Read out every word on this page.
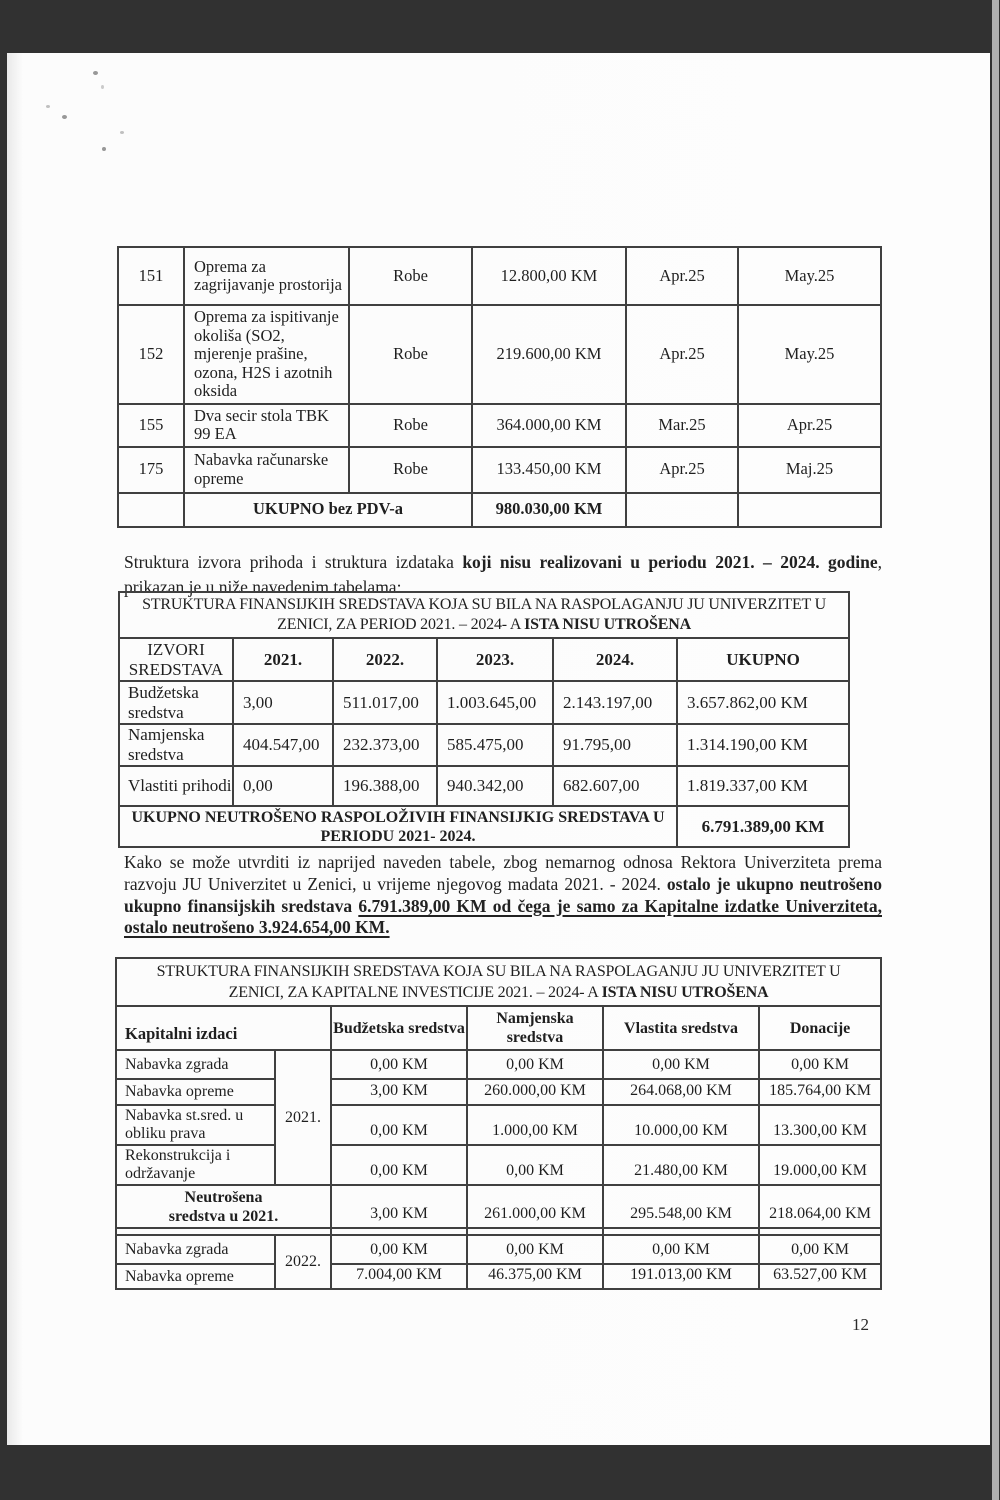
151	Oprema za zagrijavanje prostorija	Robe	12.800,00 KM	Apr.25	May.25
152	Oprema za ispitivanje okoliša (SO2, mjerenje prašine, ozona, H2S i azotnih oksida	Robe	219.600,00 KM	Apr.25	May.25
155	Dva secir stola TBK 99 EA	Robe	364.000,00 KM	Mar.25	Apr.25
175	Nabavka računarske opreme	Robe	133.450,00 KM	Apr.25	Maj.25
	UKUPNO bez PDV-a		980.030,00 KM		

Struktura izvora prihoda i struktura izdataka koji nisu realizovani u periodu 2021. – 2024. godine, prikazan je u niže navedenim tabelama:

STRUKTURA FINANSIJKIH SREDSTAVA KOJA SU BILA NA RASPOLAGANJU JU UNIVERZITET U
ZENICI, ZA PERIOD 2021. – 2024- A ISTA NISU UTROŠENA					
IZVORI SREDSTAVA	2021.	2022.	2023.	2024.	UKUPNO
Budžetska sredstva	3,00	511.017,00	1.003.645,00	2.143.197,00	3.657.862,00 KM
Namjenska sredstva	404.547,00	232.373,00	585.475,00	91.795,00	1.314.190,00 KM
Vlastiti prihodi	0,00	196.388,00	940.342,00	682.607,00	1.819.337,00 KM
UKUPNO NEUTROŠENO RASPOLOŽIVIH FINANSIJKIG SREDSTAVA U
PERIODU 2021- 2024.					6.791.389,00 KM

Kako se može utvrditi iz naprijed naveden tabele, zbog nemarnog odnosa Rektora Univerziteta prema razvoju JU Univerzitet u Zenici, u vrijeme njegovog madata 2021. - 2024. ostalo je ukupno neutrošeno ukupno finansijskih sredstava 6.791.389,00 KM od čega je samo za Kapitalne izdatke Univerziteta, ostalo neutrošeno 3.924.654,00 KM.

STRUKTURA FINANSIJKIH SREDSTAVA KOJA SU BILA NA RASPOLAGANJU JU UNIVERZITET U
ZENICI, ZA KAPITALNE INVESTICIJE 2021. – 2024- A ISTA NISU UTROŠENA					
Kapitalni izdaci		Budžetska sredstva	Namjenska sredstva	Vlastita sredstva	Donacije
Nabavka zgrada	2021.	0,00 KM	0,00 KM	0,00 KM	0,00 KM
Nabavka opreme		3,00 KM	260.000,00 KM	264.068,00 KM	185.764,00 KM
Nabavka st.sred. u obliku prava		0,00 KM	1.000,00 KM	10.000,00 KM	13.300,00 KM
Rekonstrukcija i održavanje		0,00 KM	0,00 KM	21.480,00 KM	19.000,00 KM
Neutrošena
sredstva u 2021.		3,00 KM	261.000,00 KM	295.548,00 KM	218.064,00 KM

Nabavka zgrada	2022.	0,00 KM	0,00 KM	0,00 KM	0,00 KM
Nabavka opreme		7.004,00 KM	46.375,00 KM	191.013,00 KM	63.527,00 KM
12
